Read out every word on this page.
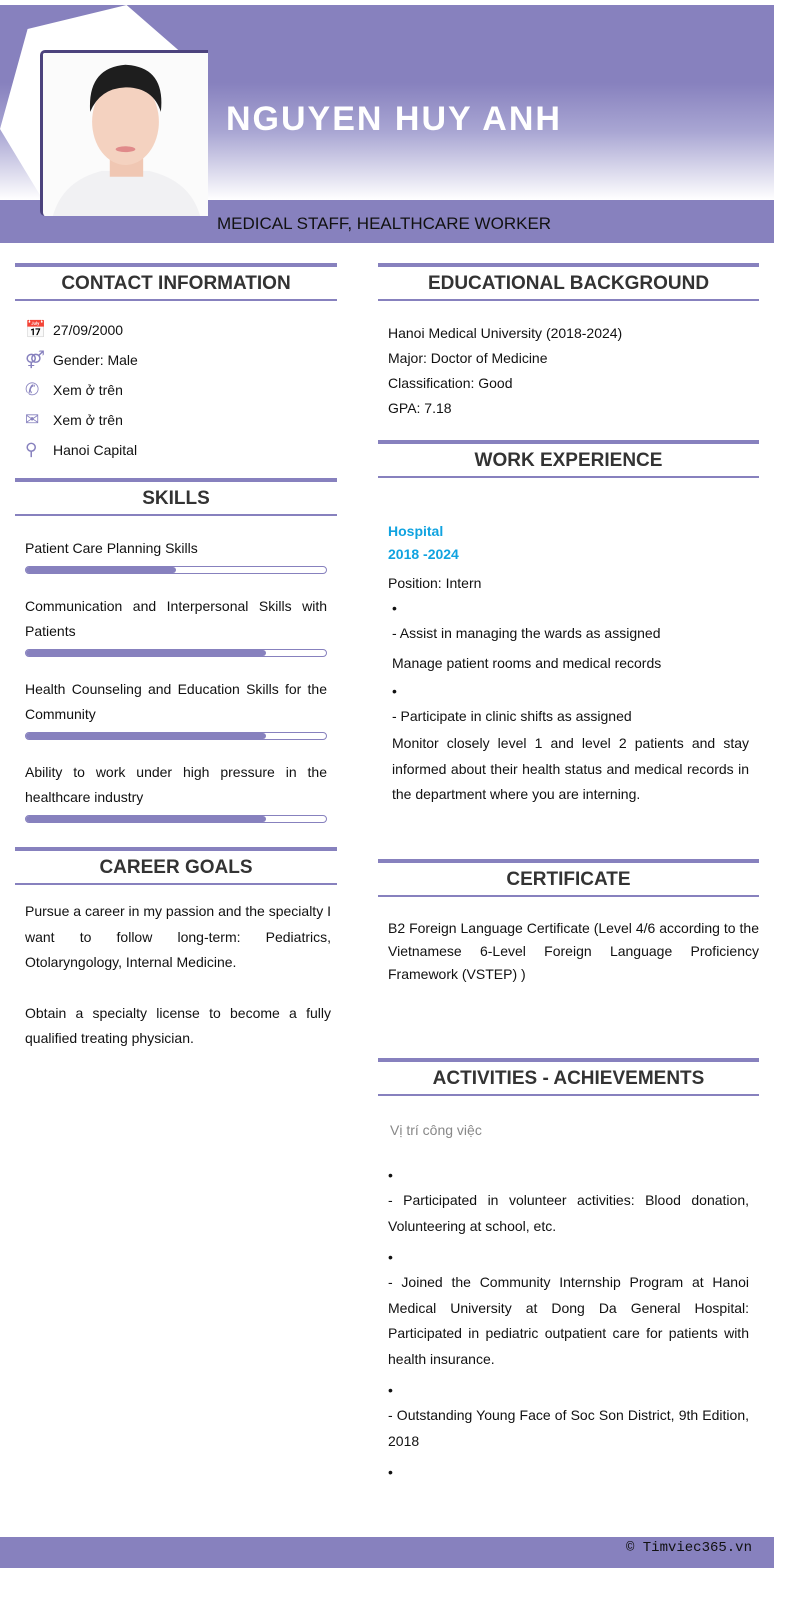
NGUYEN HUY ANH
MEDICAL STAFF, HEALTHCARE WORKER
CONTACT INFORMATION
📅 27/09/2000
⚤ Gender: Male
✆ Xem ở trên
✉ Xem ở trên
⚲	Hanoi Capital
SKILLS
Patient Care Planning Skills
Communication and Interpersonal Skills with Patients
Health Counseling and Education Skills for the Community
Ability to work under high pressure in the healthcare industry
CAREER GOALS
Pursue a career in my passion and the specialty I want to follow long-term: Pediatrics, Otolaryngology, Internal Medicine.
Obtain a specialty license to become a fully qualified treating physician.
EDUCATIONAL BACKGROUND
Hanoi Medical University (2018-2024)
Major: Doctor of Medicine
Classification: Good
GPA: 7.18
WORK EXPERIENCE
Hospital
2018 -2024
Position: Intern
•
- Assist in managing the wards as assigned
Manage patient rooms and medical records
•
- Participate in clinic shifts as assigned
Monitor closely level 1 and level 2 patients and stay informed about their health status and medical records in the department where you are interning.
CERTIFICATE
B2 Foreign Language Certificate (Level 4/6 according to the Vietnamese 6-Level Foreign Language Proficiency Framework (VSTEP) )
ACTIVITIES - ACHIEVEMENTS
Vị trí công việc
•
- Participated in volunteer activities: Blood donation, Volunteering at school, etc.
•
- Joined the Community Internship Program at Hanoi Medical University at Dong Da General Hospital: Participated in pediatric outpatient care for patients with health insurance.
•
- Outstanding Young Face of Soc Son District, 9th Edition, 2018
•
© Timviec365.vn
